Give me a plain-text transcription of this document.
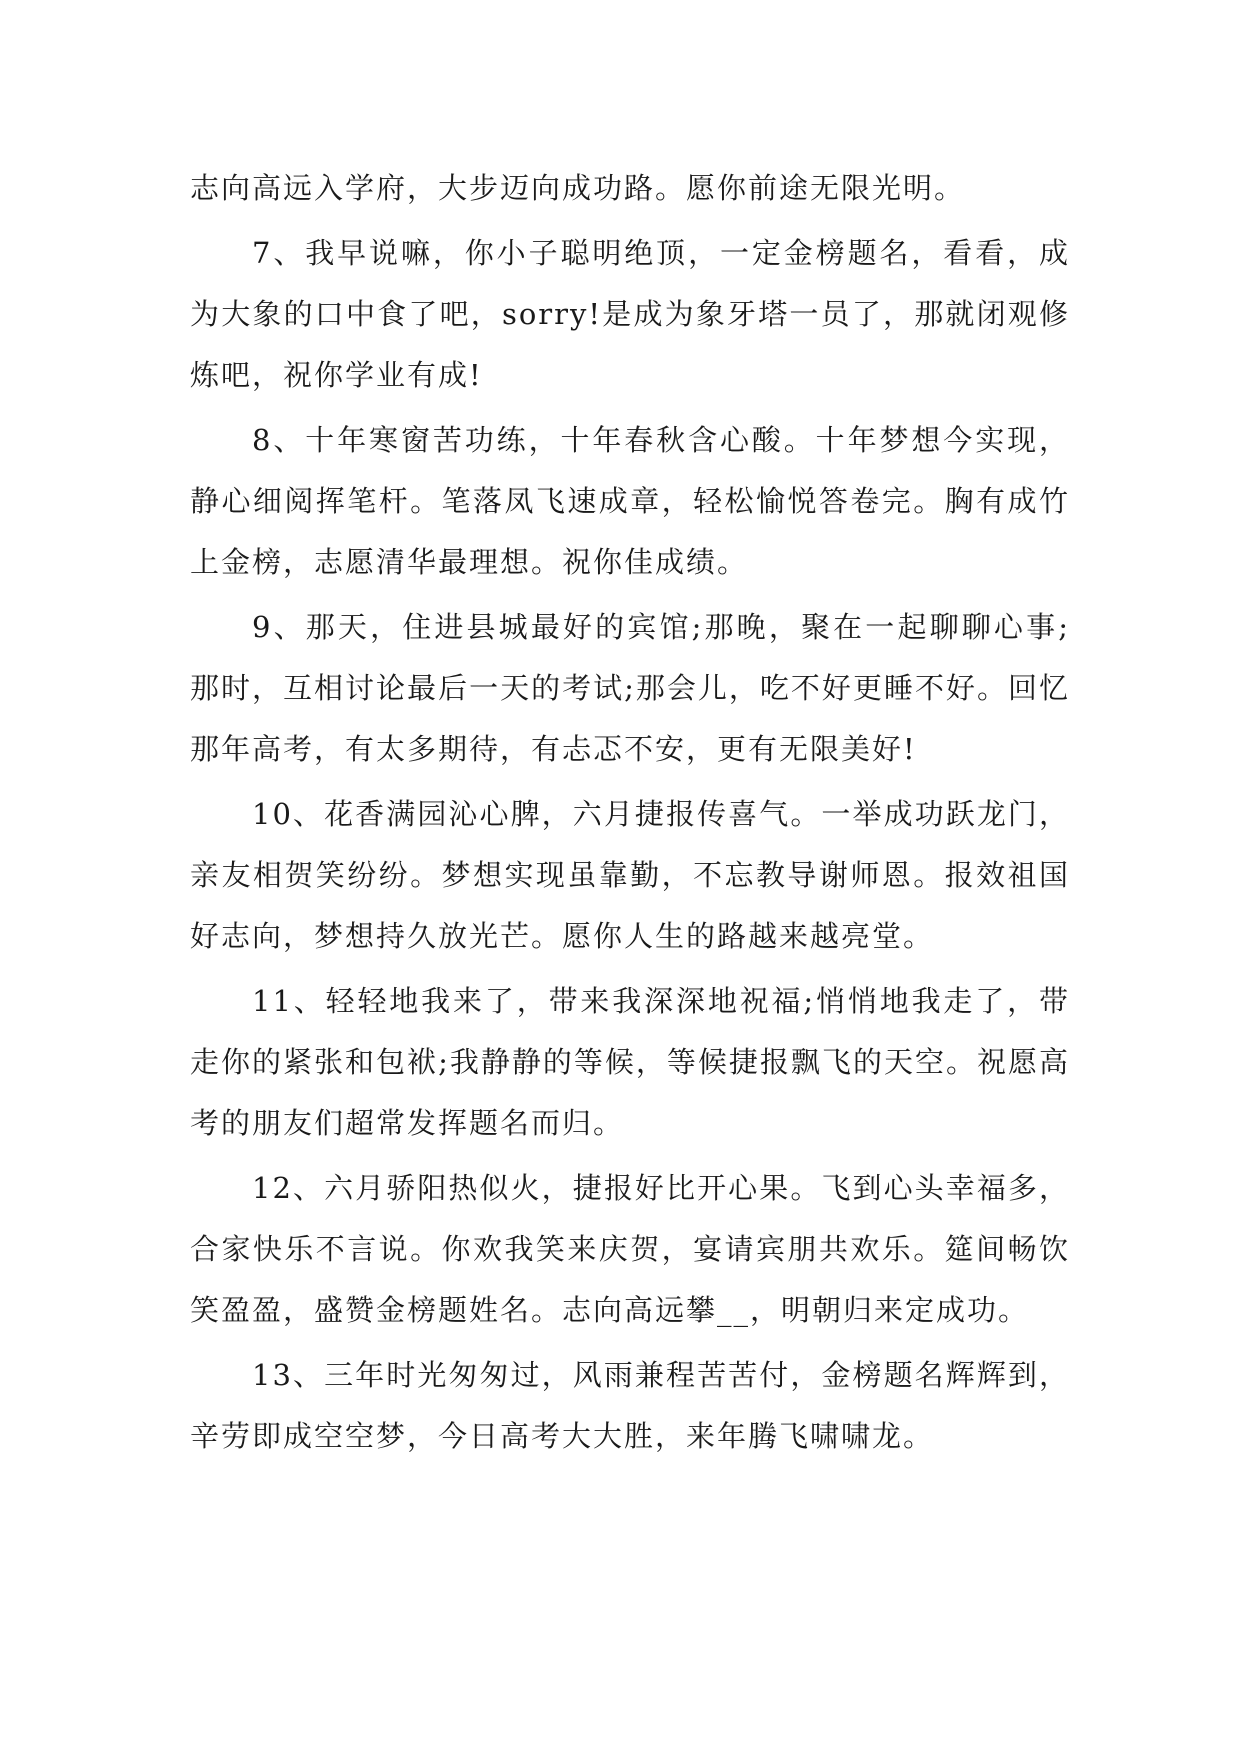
志向高远入学府，大步迈向成功路。愿你前途无限光明。

7、我早说嘛，你小子聪明绝顶，一定金榜题名，看看，成为大象的口中食了吧，sorry!是成为象牙塔一员了，那就闭观修炼吧，祝你学业有成!

8、十年寒窗苦功练，十年春秋含心酸。十年梦想今实现，静心细阅挥笔杆。笔落凤飞速成章，轻松愉悦答卷完。胸有成竹上金榜，志愿清华最理想。祝你佳成绩。

9、那天，住进县城最好的宾馆;那晚，聚在一起聊聊心事;那时，互相讨论最后一天的考试;那会儿，吃不好更睡不好。回忆那年高考，有太多期待，有忐忑不安，更有无限美好!

10、花香满园沁心脾，六月捷报传喜气。一举成功跃龙门，亲友相贺笑纷纷。梦想实现虽靠勤，不忘教导谢师恩。报效祖国好志向，梦想持久放光芒。愿你人生的路越来越亮堂。

11、轻轻地我来了，带来我深深地祝福;悄悄地我走了，带走你的紧张和包袱;我静静的等候，等候捷报飘飞的天空。祝愿高考的朋友们超常发挥题名而归。

12、六月骄阳热似火，捷报好比开心果。飞到心头幸福多，合家快乐不言说。你欢我笑来庆贺，宴请宾朋共欢乐。筵间畅饮笑盈盈，盛赞金榜题姓名。志向高远攀__，明朝归来定成功。

13、三年时光匆匆过，风雨兼程苦苦付，金榜题名辉辉到，辛劳即成空空梦，今日高考大大胜，来年腾飞啸啸龙。
